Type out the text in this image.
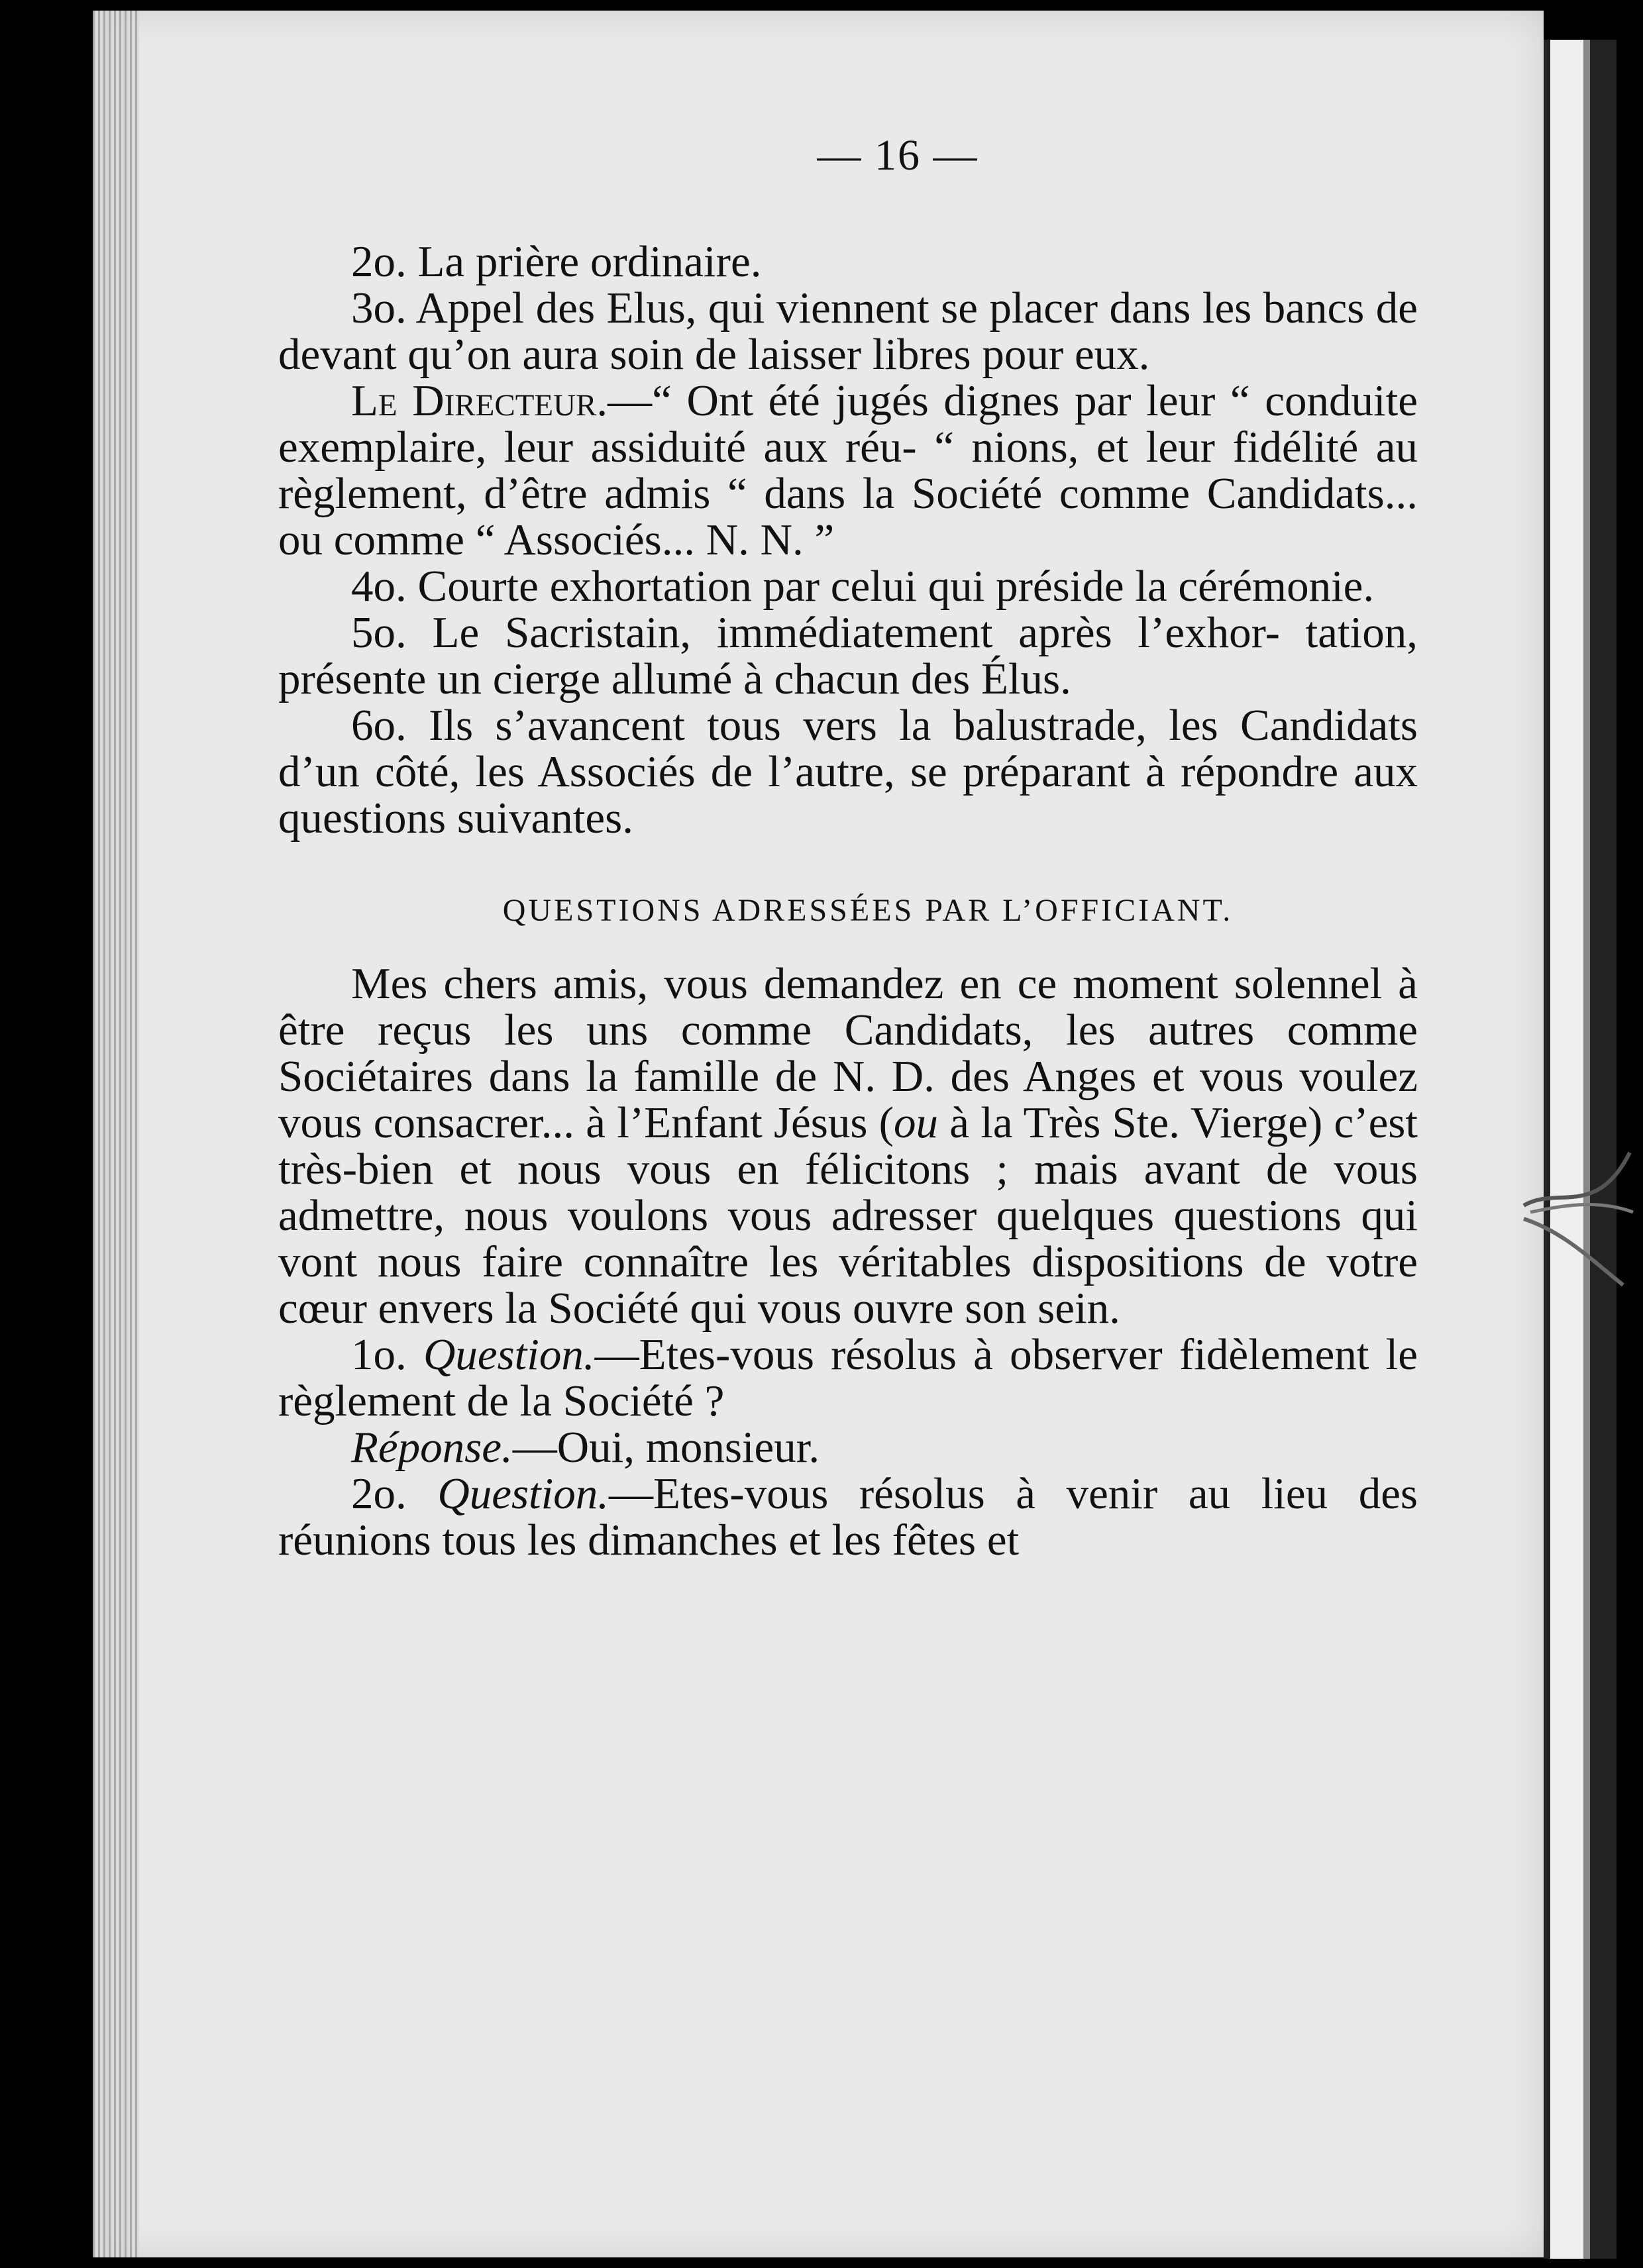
— 16 —

2o. La prière ordinaire.

3o. Appel des Elus, qui viennent se placer dans les bancs de devant qu’on aura soin de laisser libres pour eux.

Le Directeur.—“ Ont été jugés dignes par leur “ conduite exemplaire, leur assiduité aux réu- “ nions, et leur fidélité au règlement, d’être admis “ dans la Société comme Candidats... ou comme “ Associés... N. N. ”

4o. Courte exhortation par celui qui préside la cérémonie.

5o. Le Sacristain, immédiatement après l’exhor- tation, présente un cierge allumé à chacun des Élus.

6o. Ils s’avancent tous vers la balustrade, les Candidats d’un côté, les Associés de l’autre, se préparant à répondre aux questions suivantes.

QUESTIONS ADRESSÉES PAR L’OFFICIANT.

Mes chers amis, vous demandez en ce moment solennel à être reçus les uns comme Candidats, les autres comme Sociétaires dans la famille de N. D. des Anges et vous voulez vous consacrer... à l’Enfant Jésus (ou à la Très Ste. Vierge) c’est très-bien et nous vous en félicitons ; mais avant de vous admettre, nous voulons vous adresser quelques questions qui vont nous faire connaître les véritables dispositions de votre cœur envers la Société qui vous ouvre son sein.

1o. Question.—Etes-vous résolus à observer fidèlement le règlement de la Société ?

Réponse.—Oui, monsieur.

2o. Question.—Etes-vous résolus à venir au lieu des réunions tous les dimanches et les fêtes et
